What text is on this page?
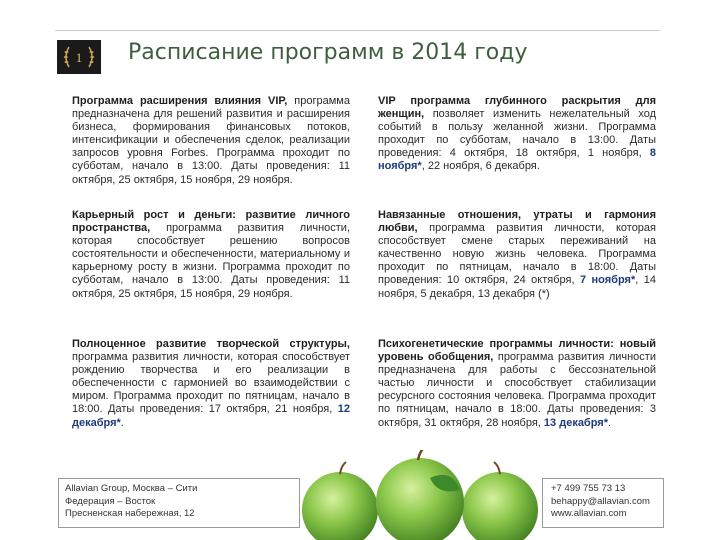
1 Расписание программ в 2014 году
Программа расширения влияния VIP, программа предназначена для решений развития и расширения бизнеса, формирования финансовых потоков, интенсификации и обеспечения сделок, реализации запросов уровня Forbes. Программа проходит по субботам, начало в 13:00. Даты проведения: 11 октября, 25 октября, 15 ноября, 29 ноября.
VIP программа глубинного раскрытия для женщин, позволяет изменить нежелательный ход событий в пользу желанной жизни. Программа проходит по субботам, начало в 13:00. Даты проведения: 4 октября, 18 октября, 1 ноября, 8 ноября*, 22 ноября, 6 декабря.
Карьерный рост и деньги: развитие личного пространства, программа развития личности, которая способствует решению вопросов состоятельности и обеспеченности, материальному и карьерному росту в жизни. Программа проходит по субботам, начало в 13:00. Даты проведения: 11 октября, 25 октября, 15 ноября, 29 ноября.
Навязанные отношения, утраты и гармония любви, программа развития личности, которая способствует смене старых переживаний на качественно новую жизнь человека. Программа проходит по пятницам, начало в 18:00. Даты проведения: 10 октября, 24 октября, 7 ноября*, 14 ноября, 5 декабря, 13 декабря (*)
Полноценное развитие творческой структуры, программа развития личности, которая способствует рождению творчества и его реализации в обеспеченности с гармонией во взаимодействии с миром. Программа проходит по пятницам, начало в 18:00. Даты проведения: 17 октября, 21 ноября, 12 декабря*.
Психогенетические программы личности: новый уровень обобщения, программа развития личности предназначена для работы с бессознательной частью личности и способствует стабилизации ресурсного состояния человека. Программа проходит по пятницам, начало в 18:00. Даты проведения: 3 октября, 31 октября, 28 ноября, 13 декабря*.
Allavian Group, Москва – Сити
Федерация – Восток
Пресненская набережная, 12
+7 499 755 73 13
behappy@allavian.com
www.allavian.com
